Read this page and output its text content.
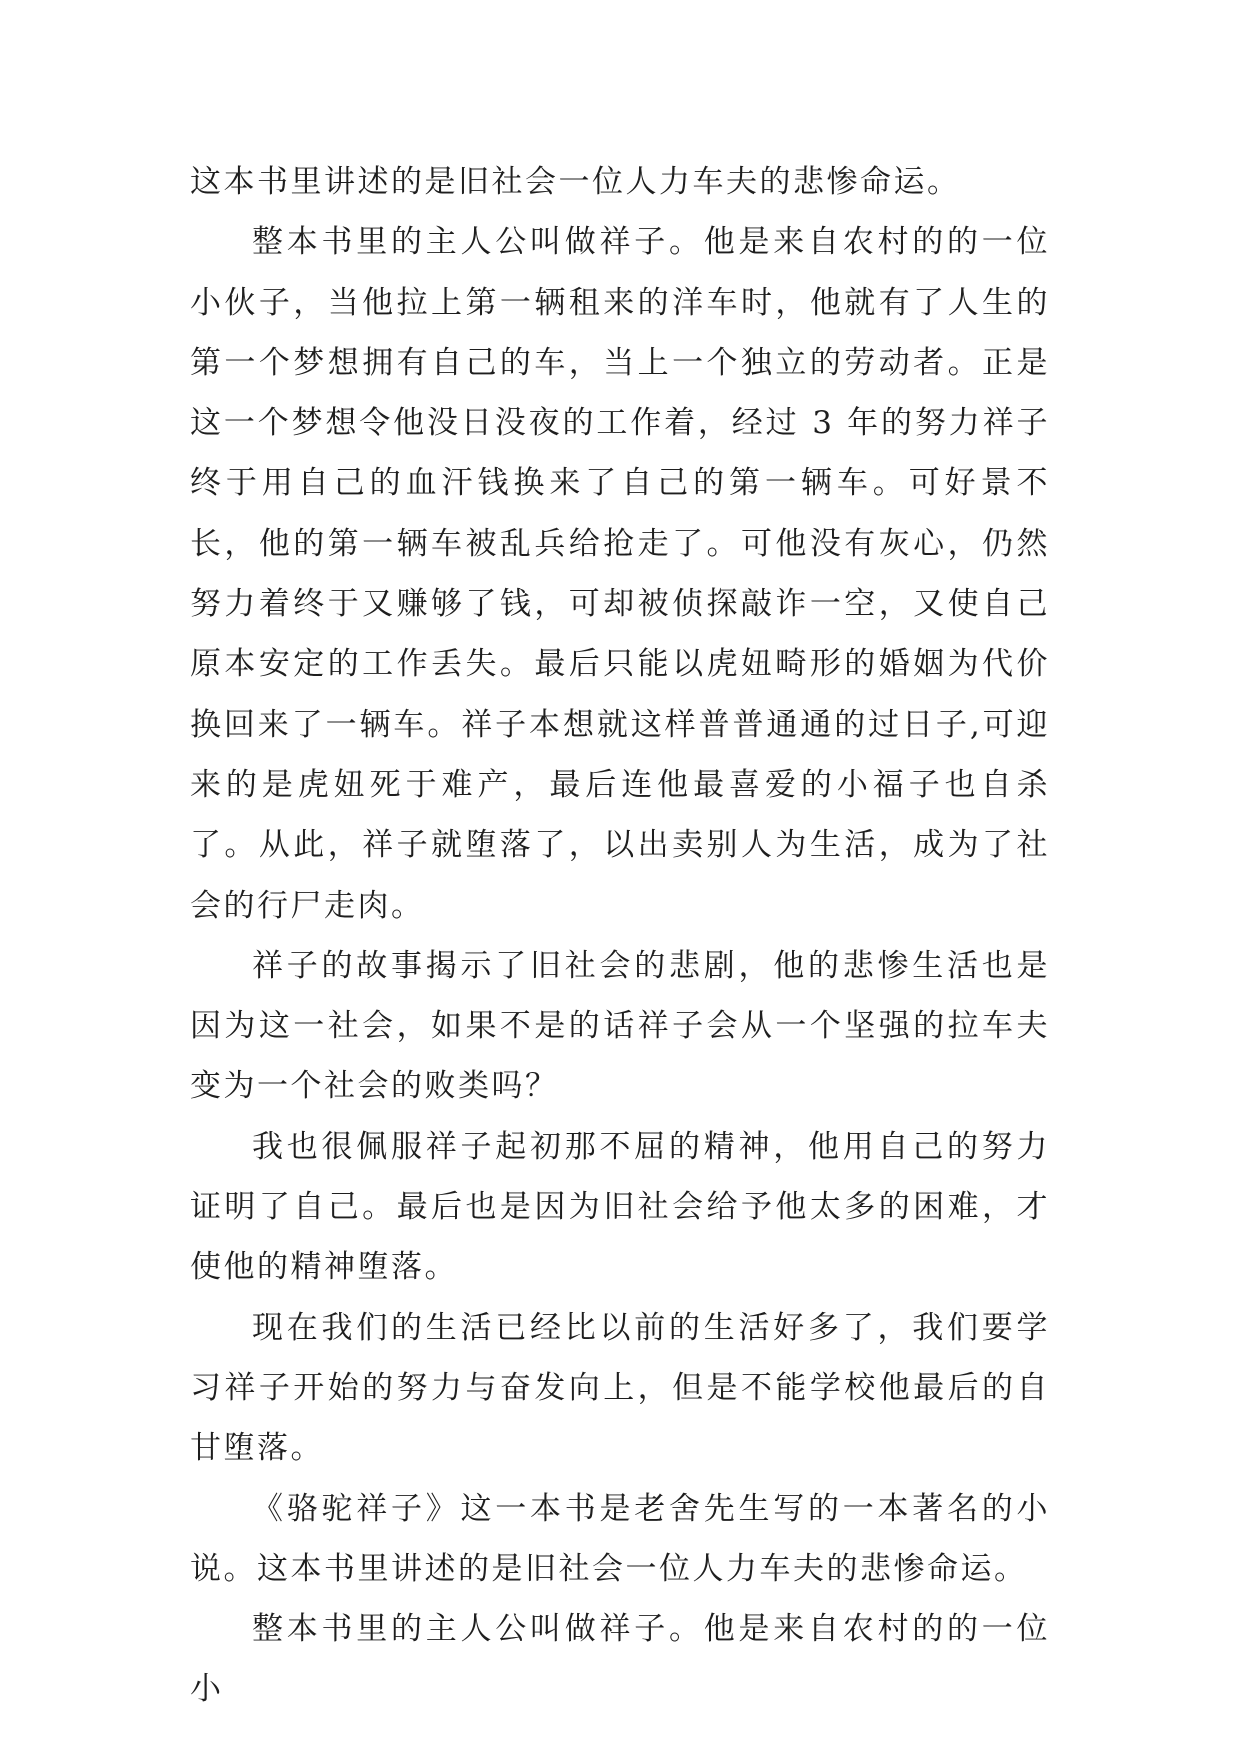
这本书里讲述的是旧社会一位人力车夫的悲惨命运。

整本书里的主人公叫做祥子。他是来自农村的的一位小伙子，当他拉上第一辆租来的洋车时，他就有了人生的第一个梦想拥有自己的车，当上一个独立的劳动者。正是这一个梦想令他没日没夜的工作着，经过 3 年的努力祥子终于用自己的血汗钱换来了自己的第一辆车。可好景不长，他的第一辆车被乱兵给抢走了。可他没有灰心，仍然努力着终于又赚够了钱，可却被侦探敲诈一空，又使自己原本安定的工作丢失。最后只能以虎妞畸形的婚姻为代价换回来了一辆车。祥子本想就这样普普通通的过日子,可迎来的是虎妞死于难产，最后连他最喜爱的小福子也自杀了。从此，祥子就堕落了，以出卖别人为生活，成为了社会的行尸走肉。

祥子的故事揭示了旧社会的悲剧，他的悲惨生活也是因为这一社会，如果不是的话祥子会从一个坚强的拉车夫变为一个社会的败类吗？

我也很佩服祥子起初那不屈的精神，他用自己的努力证明了自己。最后也是因为旧社会给予他太多的困难，才使他的精神堕落。

现在我们的生活已经比以前的生活好多了，我们要学习祥子开始的努力与奋发向上，但是不能学校他最后的自甘堕落。

《骆驼祥子》这一本书是老舍先生写的一本著名的小说。这本书里讲述的是旧社会一位人力车夫的悲惨命运。

整本书里的主人公叫做祥子。他是来自农村的的一位小
